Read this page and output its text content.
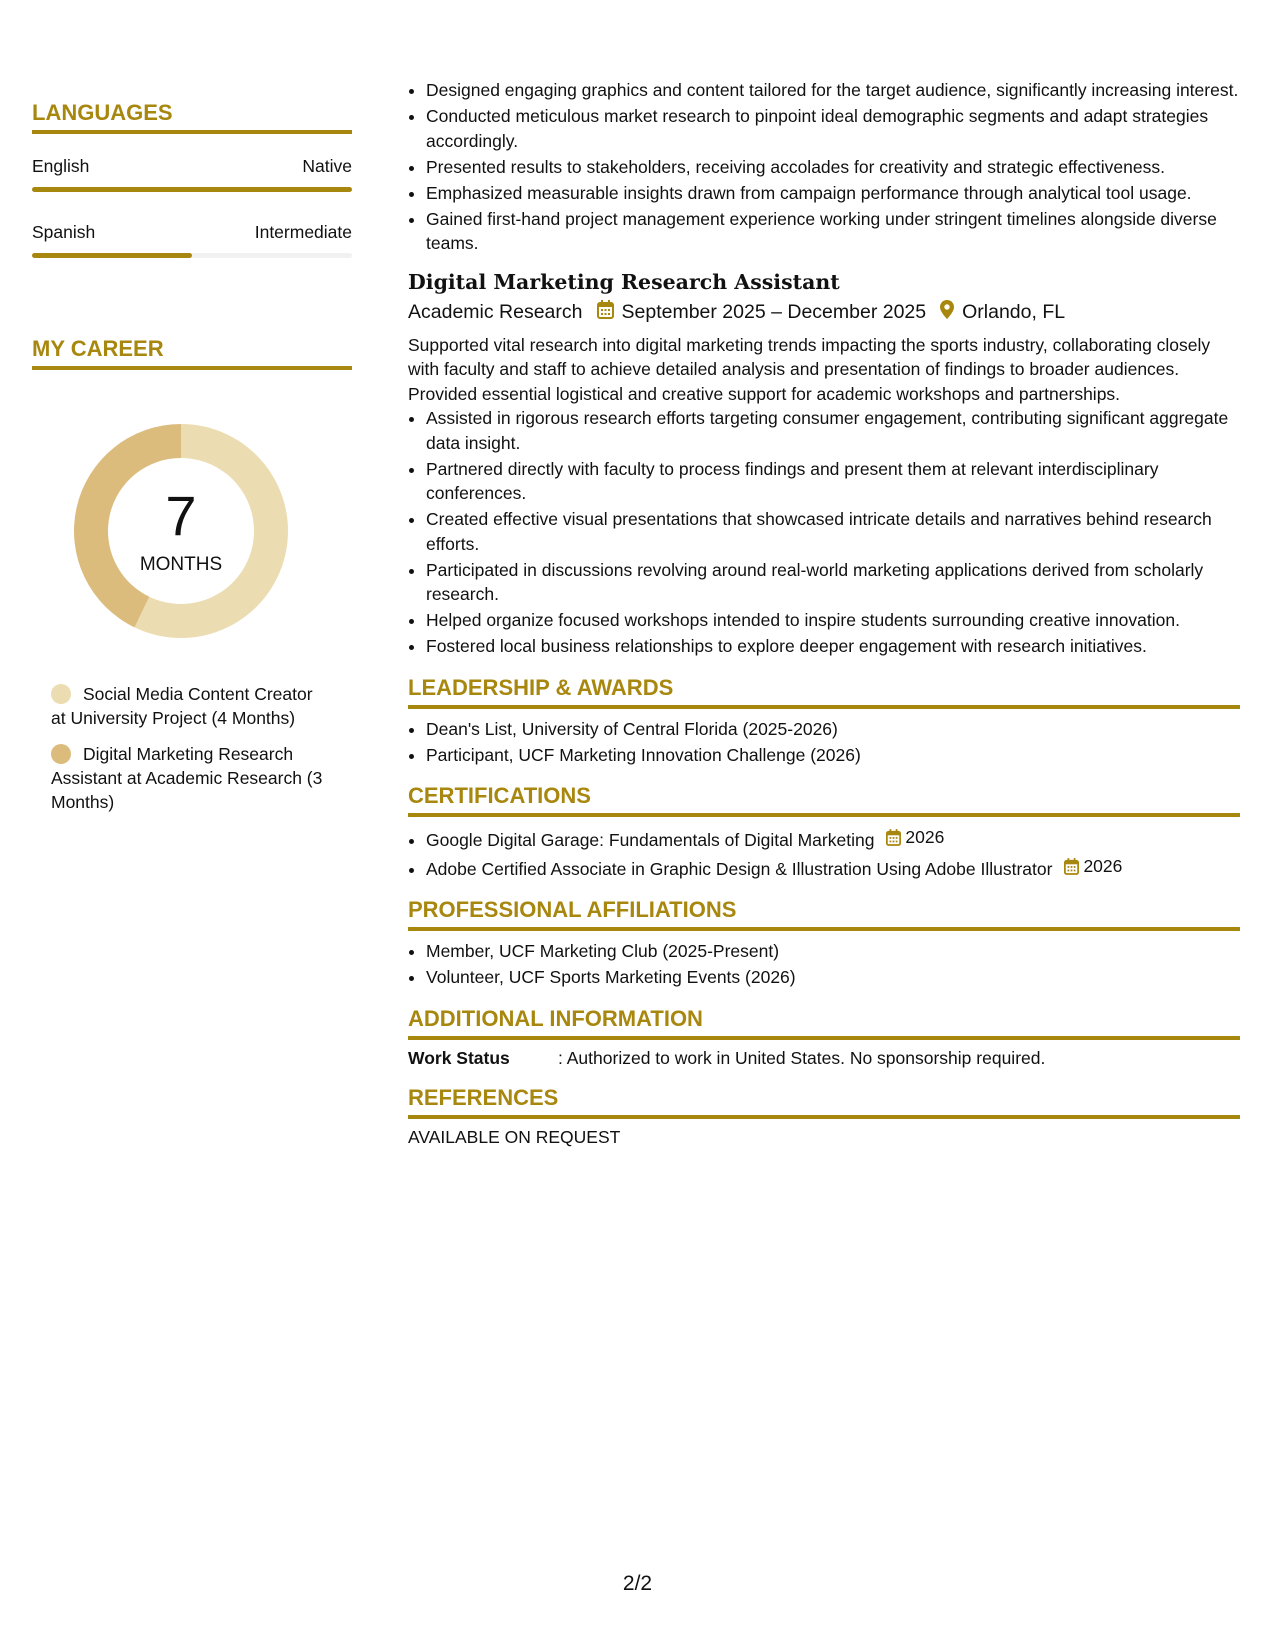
LANGUAGES
English	Native
Spanish	Intermediate
MY CAREER
7
MONTHS
Social Media Content Creator at University Project (4 Months)
Digital Marketing Research Assistant at Academic Research (3 Months)
• Designed engaging graphics and content tailored for the target audience, significantly increasing interest.
• Conducted meticulous market research to pinpoint ideal demographic segments and adapt strategies accordingly.
• Presented results to stakeholders, receiving accolades for creativity and strategic effectiveness.
• Emphasized measurable insights drawn from campaign performance through analytical tool usage.
• Gained first-hand project management experience working under stringent timelines alongside diverse teams.
Digital Marketing Research Assistant
Academic Research September 2025 – December 2025 Orlando, FL
Supported vital research into digital marketing trends impacting the sports industry, collaborating closely with faculty and staff to achieve detailed analysis and presentation of findings to broader audiences. Provided essential logistical and creative support for academic workshops and partnerships.
• Assisted in rigorous research efforts targeting consumer engagement, contributing significant aggregate data insight.
• Partnered directly with faculty to process findings and present them at relevant interdisciplinary conferences.
• Created effective visual presentations that showcased intricate details and narratives behind research efforts.
• Participated in discussions revolving around real-world marketing applications derived from scholarly research.
• Helped organize focused workshops intended to inspire students surrounding creative innovation.
• Fostered local business relationships to explore deeper engagement with research initiatives.
LEADERSHIP & AWARDS
• Dean's List, University of Central Florida (2025-2026)
• Participant, UCF Marketing Innovation Challenge (2026)
CERTIFICATIONS
• Google Digital Garage: Fundamentals of Digital Marketing 2026
• Adobe Certified Associate in Graphic Design & Illustration Using Adobe Illustrator 2026
PROFESSIONAL AFFILIATIONS
• Member, UCF Marketing Club (2025-Present)
• Volunteer, UCF Sports Marketing Events (2026)
ADDITIONAL INFORMATION
Work Status	: Authorized to work in United States. No sponsorship required.
REFERENCES
AVAILABLE ON REQUEST
2/2
